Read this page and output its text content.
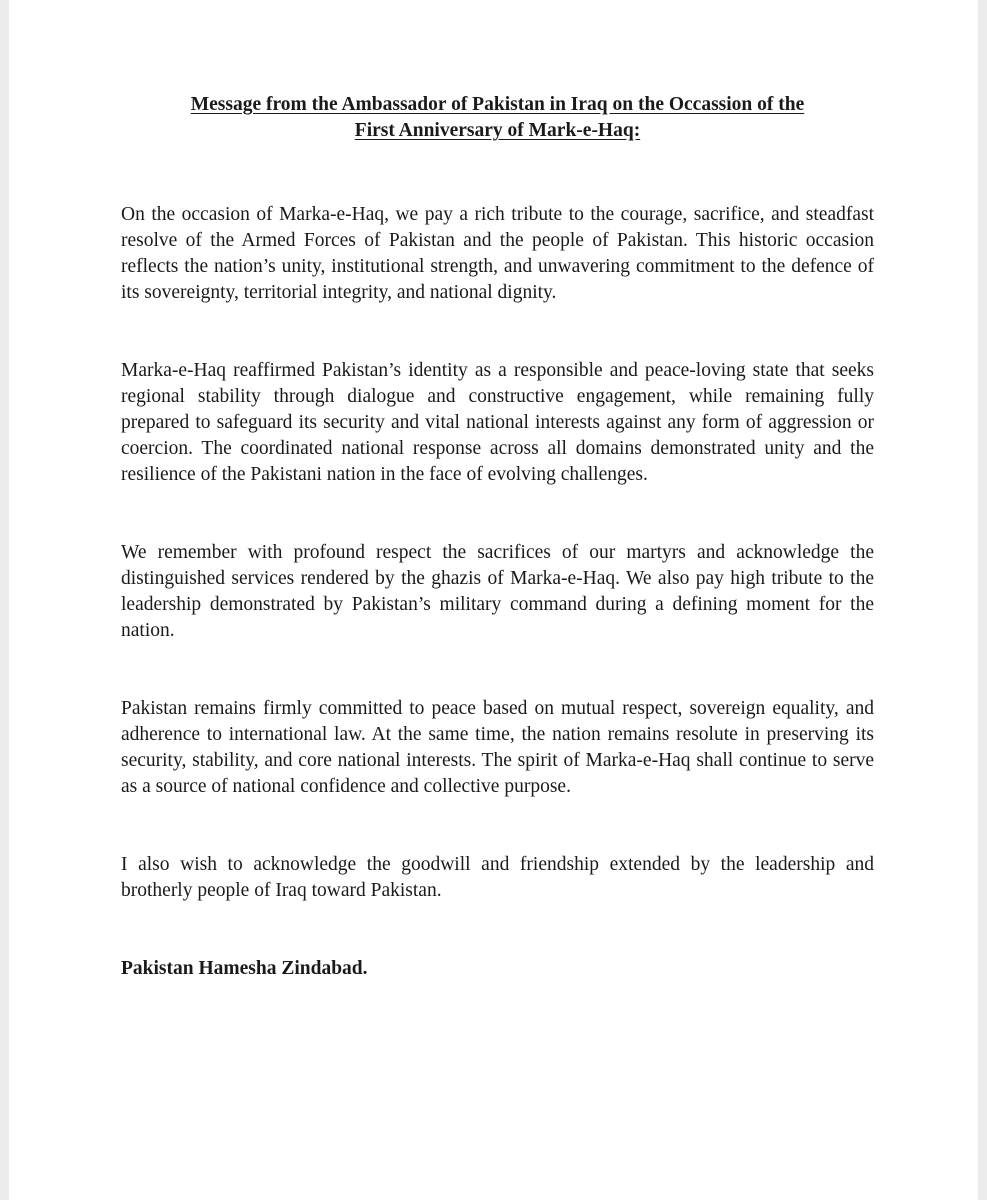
Message from the Ambassador of Pakistan in Iraq on the Occassion of the
First Anniversary of Mark-e-Haq:

On the occasion of Marka-e-Haq, we pay a rich tribute to the courage, sacrifice, and steadfast resolve of the Armed Forces of Pakistan and the people of Pakistan. This historic occasion reflects the nation’s unity, institutional strength, and unwavering commitment to the defence of its sovereignty, territorial integrity, and national dignity.

Marka-e-Haq reaffirmed Pakistan’s identity as a responsible and peace-loving state that seeks regional stability through dialogue and constructive engagement, while remaining fully prepared to safeguard its security and vital national interests against any form of aggression or coercion. The coordinated national response across all domains demonstrated unity and the resilience of the Pakistani nation in the face of evolving challenges.

We remember with profound respect the sacrifices of our martyrs and acknowledge the distinguished services rendered by the ghazis of Marka-e-Haq. We also pay high tribute to the leadership demonstrated by Pakistan’s military command during a defining moment for the nation.

Pakistan remains firmly committed to peace based on mutual respect, sovereign equality, and adherence to international law. At the same time, the nation remains resolute in preserving its security, stability, and core national interests. The spirit of Marka-e-Haq shall continue to serve as a source of national confidence and collective purpose.

I also wish to acknowledge the goodwill and friendship extended by the leadership and brotherly people of Iraq toward Pakistan.

Pakistan Hamesha Zindabad.
